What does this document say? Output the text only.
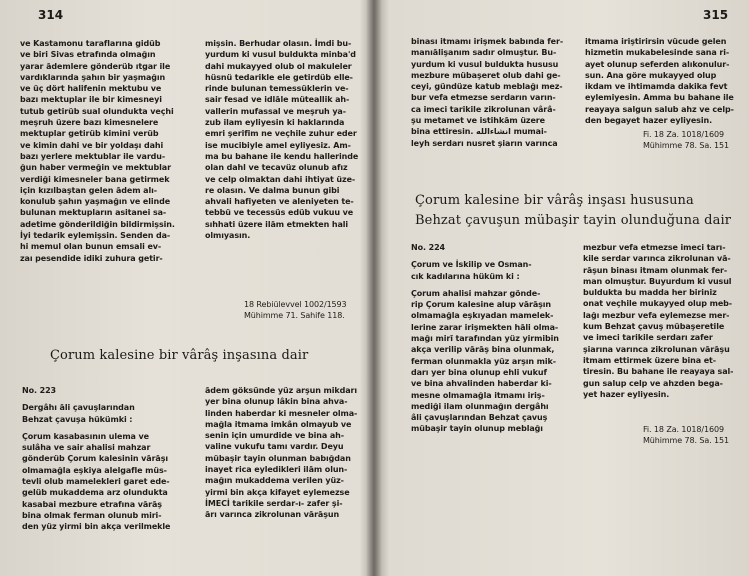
314
ve Kastamonu taraflarına gidüb
ve biri Sivas etrafında olmağın
yarar ādemlere gönderüb ıtgar ile
vardıklarında şahın bir yaşmağın
ve üç dört halifenin mektubu ve
bazı mektuplar ile bir kimesneyi
tutub getirüb sual olundukta veçhi
meşruh üzere bazı kimesnelere
mektuplar getirüb kimini verüb
ve kimin dahi ve bir yoldaşı dahi
bazı yerlere mektublar ile vardu-
ğun haber vermeğin ve mektublar
verdiği kimesneler bana getirmek
için kızılbaştan gelen ādem alı-
konulub şahın yaşmağın ve elinde
bulunan mektupların asitanei sa-
adetime gönderildiğin bildirmişsin.
İyi tedarik eylemişsin. Senden da-
hi memul olan bunun emsali ev-
zaı pesendide idiki zuhura getir-
mişsin. Berhudar olasın. İmdi bu-
yurdum ki vusul buldukta minba'd
dahi mukayyed olub ol makuleler
hüsnü tedarikle ele getirdüb elle-
rinde bulunan temessüklerin ve-
sair fesad ve idlāle müteallik ah-
vallerin mufassal ve meşruh ya-
zub ilam eyliyesin ki haklarında
emri şerifim ne veçhile zuhur eder
ise mucibiyle amel eyliyesiz. Am-
ma bu bahane ile kendu hallerinde
olan dahl ve tecavüz olunub afız
ve celp olmaktan dahi ihtiyat üze-
re olasın. Ve dalma bunun gibi
ahvali hafiyeten ve aleniyeten te-
tebbü ve tecessüs edüb vukuu ve
sıhhati üzere ilām etmekten hali
olmıyasın.
18 Rebiülevvel 1002/1593
Mühimme 71. Sahife 118.
Çorum kalesine bir vârâş inşasına dair
No. 223
Dergâhı āli çavuşlarından
Behzat çavuşa hükümki :
Çorum kasabasının ulema ve
sulâha ve sair ahalisi mahzar
gönderüb Çorum kalesinin vārāşı
olmamağla eşkiya alelgafle müs-
tevli olub mamelekleri garet ede-
gelüb mukaddema arz olundukta
kasabai mezbure etrafına vārāş
bina olmak ferman olunub miri-
den yüz yirmi bin akça verilmekle
ādem göksünde yüz arşun mikdarı
yer bina olunup lâkin bina ahva-
linden haberdar ki mesneler olma-
mağla itmama imkân olmayub ve
senin için umurdide ve bina ah-
valine vukufu tamı vardır. Deyu
mübaşir tayin olunman babığdan
inayet rica eyledikleri ilām olun-
mağın mukaddema verilen yüz-
yirmi bin akça kifayet eylemezse
İMECİ tarikile serdar-ı- zafer şi-
ārı varınca zikrolunan vārāşun
315
binası itmamı irişmek babında fer-
manıālişanım sadır olmuştur. Bu-
yurdum ki vusul buldukta hususu
mezbure mübaşeret olub dahi ge-
ceyi, gündüze katub meblağı mez-
bur vefa etmezse serdarın varın-
ca imeci tarikile zikrolunan vârâ-
şu metamet ve istihkām üzere
bina ettiresin. ﺍﻧﺸﺎﺀﺍﻟﻠﻪ mumai-
leyh serdarı nusret şiarın varınca
itmama iriştirirsin vücude gelen
hizmetin mukabelesinde sana ri-
ayet olunup seferden alıkonulur-
sun. Ana göre mukayyed olup
ikdam ve ihtimamda dakika fevt
eylemiyesin. Amma bu bahane ile
reayaya salgun salub ahz ve celp-
den begayet hazer eyliyesin.
Fi. 18 Za. 1018/1609
Mühimme 78. Sa. 151
Çorum kalesine bir vârâş inşası hususuna
Behzat çavuşun mübaşir tayin olunduğuna dair
No. 224
Çorum ve İskilip ve Osman-
cık kadılarına hüküm ki :
Çorum ahalisi mahzar gönde-
rip Çorum kalesine alup vārāşın
olmamağla eşkıyadan mamelek-
lerine zarar irişmekten hāli olma-
mağı mirī tarafından yüz yirmibin
akça verilip vārāş bina olunmak,
ferman olunmakla yüz arşın mik-
darı yer bina olunup ehli vukuf
ve bina ahvalinden haberdar ki-
mesne olmamağla itmamı iriş-
mediği ilam olunmağın dergâhı
âli çavuşlarından Behzat çavuş
mübaşir tayin olunup meblağı
mezbur vefa etmezse imeci tarı-
kile serdar varınca zikrolunan vā-
rāşun binası itmam olunmak fer-
man olmuştur. Buyurdum ki vusul
buldukta bu madda her biriniz
onat veçhile mukayyed olup meb-
lağı mezbur vefa eylemezse mer-
kum Behzat çavuş mübaşeretile
ve imeci tarikile serdarı zafer
şiarına varınca zikrolunan vārāşu
itmam ettirmek üzere bina et-
tiresin. Bu bahane ile reayaya sal-
gun salup celp ve ahzden bega-
yet hazer eyliyesin.
Fi. 18 Za. 1018/1609
Mühimme 78. Sa. 151
